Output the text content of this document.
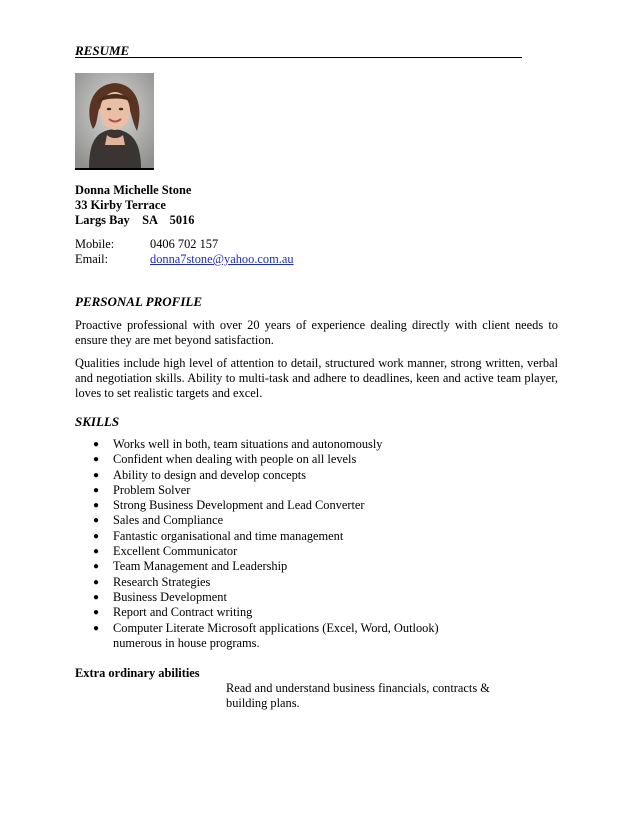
RESUME
Donna Michelle Stone
33 Kirby Terrace
Largs Bay    SA    5016
Mobile:	0406 702 157
Email:	donna7stone@yahoo.com.au
PERSONAL PROFILE
Proactive professional with over 20 years of experience dealing directly with client needs to ensure they are met beyond satisfaction.
Qualities include high level of attention to detail, structured work manner, strong written, verbal and negotiation skills. Ability to multi-task and adhere to deadlines, keen and active team player, loves to set realistic targets and excel.
SKILLS
● Works well in both, team situations and autonomously
● Confident when dealing with people on all levels
● Ability to design and develop concepts
● Problem Solver
● Strong Business Development and Lead Converter
● Sales and Compliance
● Fantastic organisational and time management
● Excellent Communicator
● Team Management and Leadership
● Research Strategies
● Business Development
● Report and Contract writing
● Computer Literate Microsoft applications (Excel, Word, Outlook)
numerous in house programs.
Extra ordinary abilities
Read and understand business financials, contracts & building plans.
